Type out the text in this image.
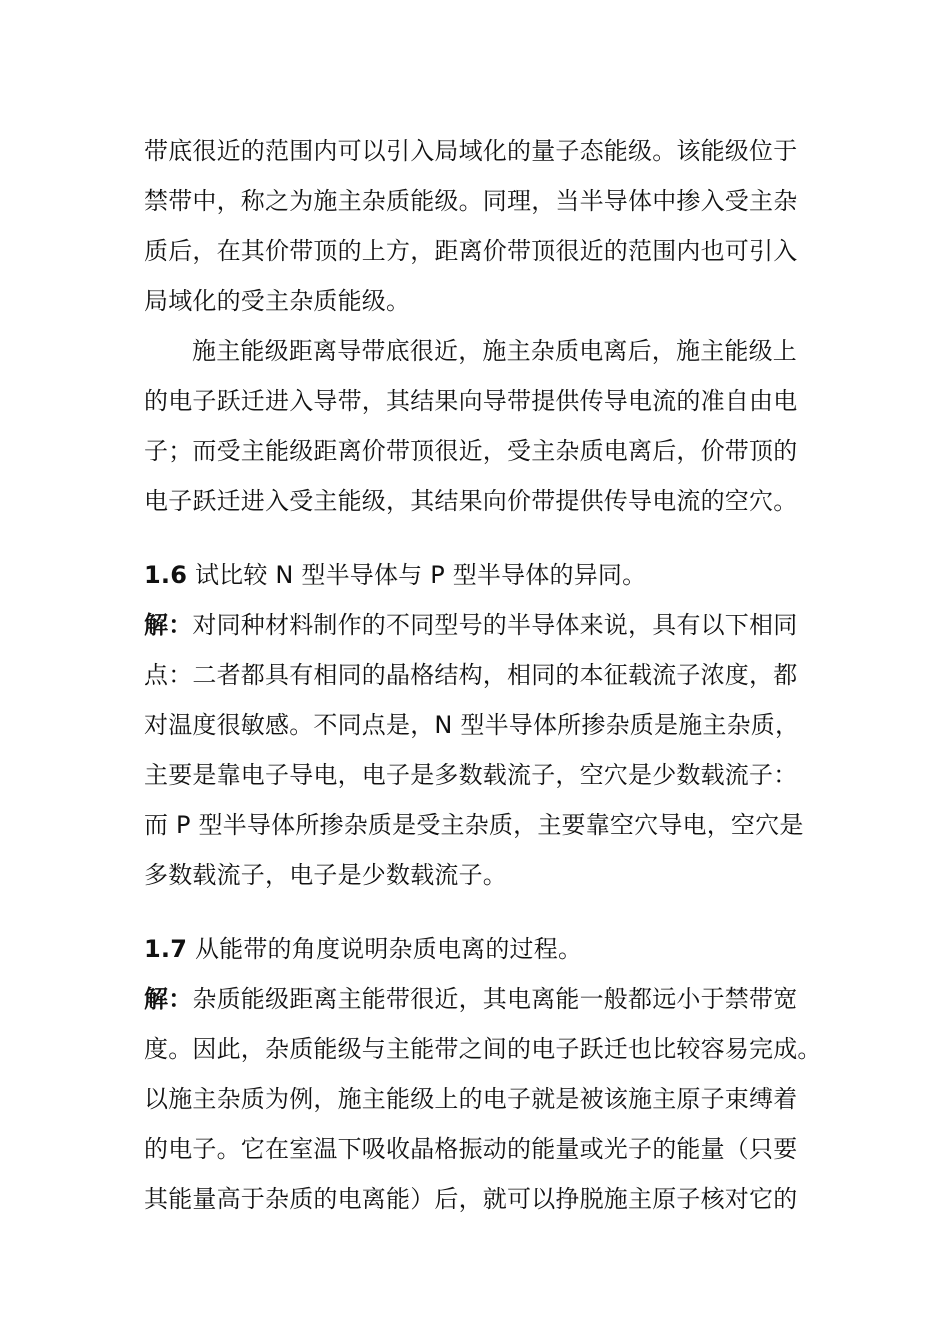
带底很近的范围内可以引入局域化的量子态能级。该能级位于
禁带中，称之为施主杂质能级。同理，当半导体中掺入受主杂
质后，在其价带顶的上方，距离价带顶很近的范围内也可引入
局域化的受主杂质能级。
施主能级距离导带底很近，施主杂质电离后，施主能级上
的电子跃迁进入导带，其结果向导带提供传导电流的准自由电
子；而受主能级距离价带顶很近，受主杂质电离后，价带顶的
电子跃迁进入受主能级，其结果向价带提供传导电流的空穴。
1.6 试比较 N 型半导体与 P 型半导体的异同。
解：对同种材料制作的不同型号的半导体来说，具有以下相同
点：二者都具有相同的晶格结构，相同的本征载流子浓度，都
对温度很敏感。不同点是，N 型半导体所掺杂质是施主杂质，
主要是靠电子导电，电子是多数载流子，空穴是少数载流子：
而 P 型半导体所掺杂质是受主杂质，主要靠空穴导电，空穴是
多数载流子，电子是少数载流子。
1.7 从能带的角度说明杂质电离的过程。
解：杂质能级距离主能带很近，其电离能一般都远小于禁带宽
度。因此，杂质能级与主能带之间的电子跃迁也比较容易完成。
以施主杂质为例，施主能级上的电子就是被该施主原子束缚着
的电子。它在室温下吸收晶格振动的能量或光子的能量（只要
其能量高于杂质的电离能）后，就可以挣脱施主原子核对它的
